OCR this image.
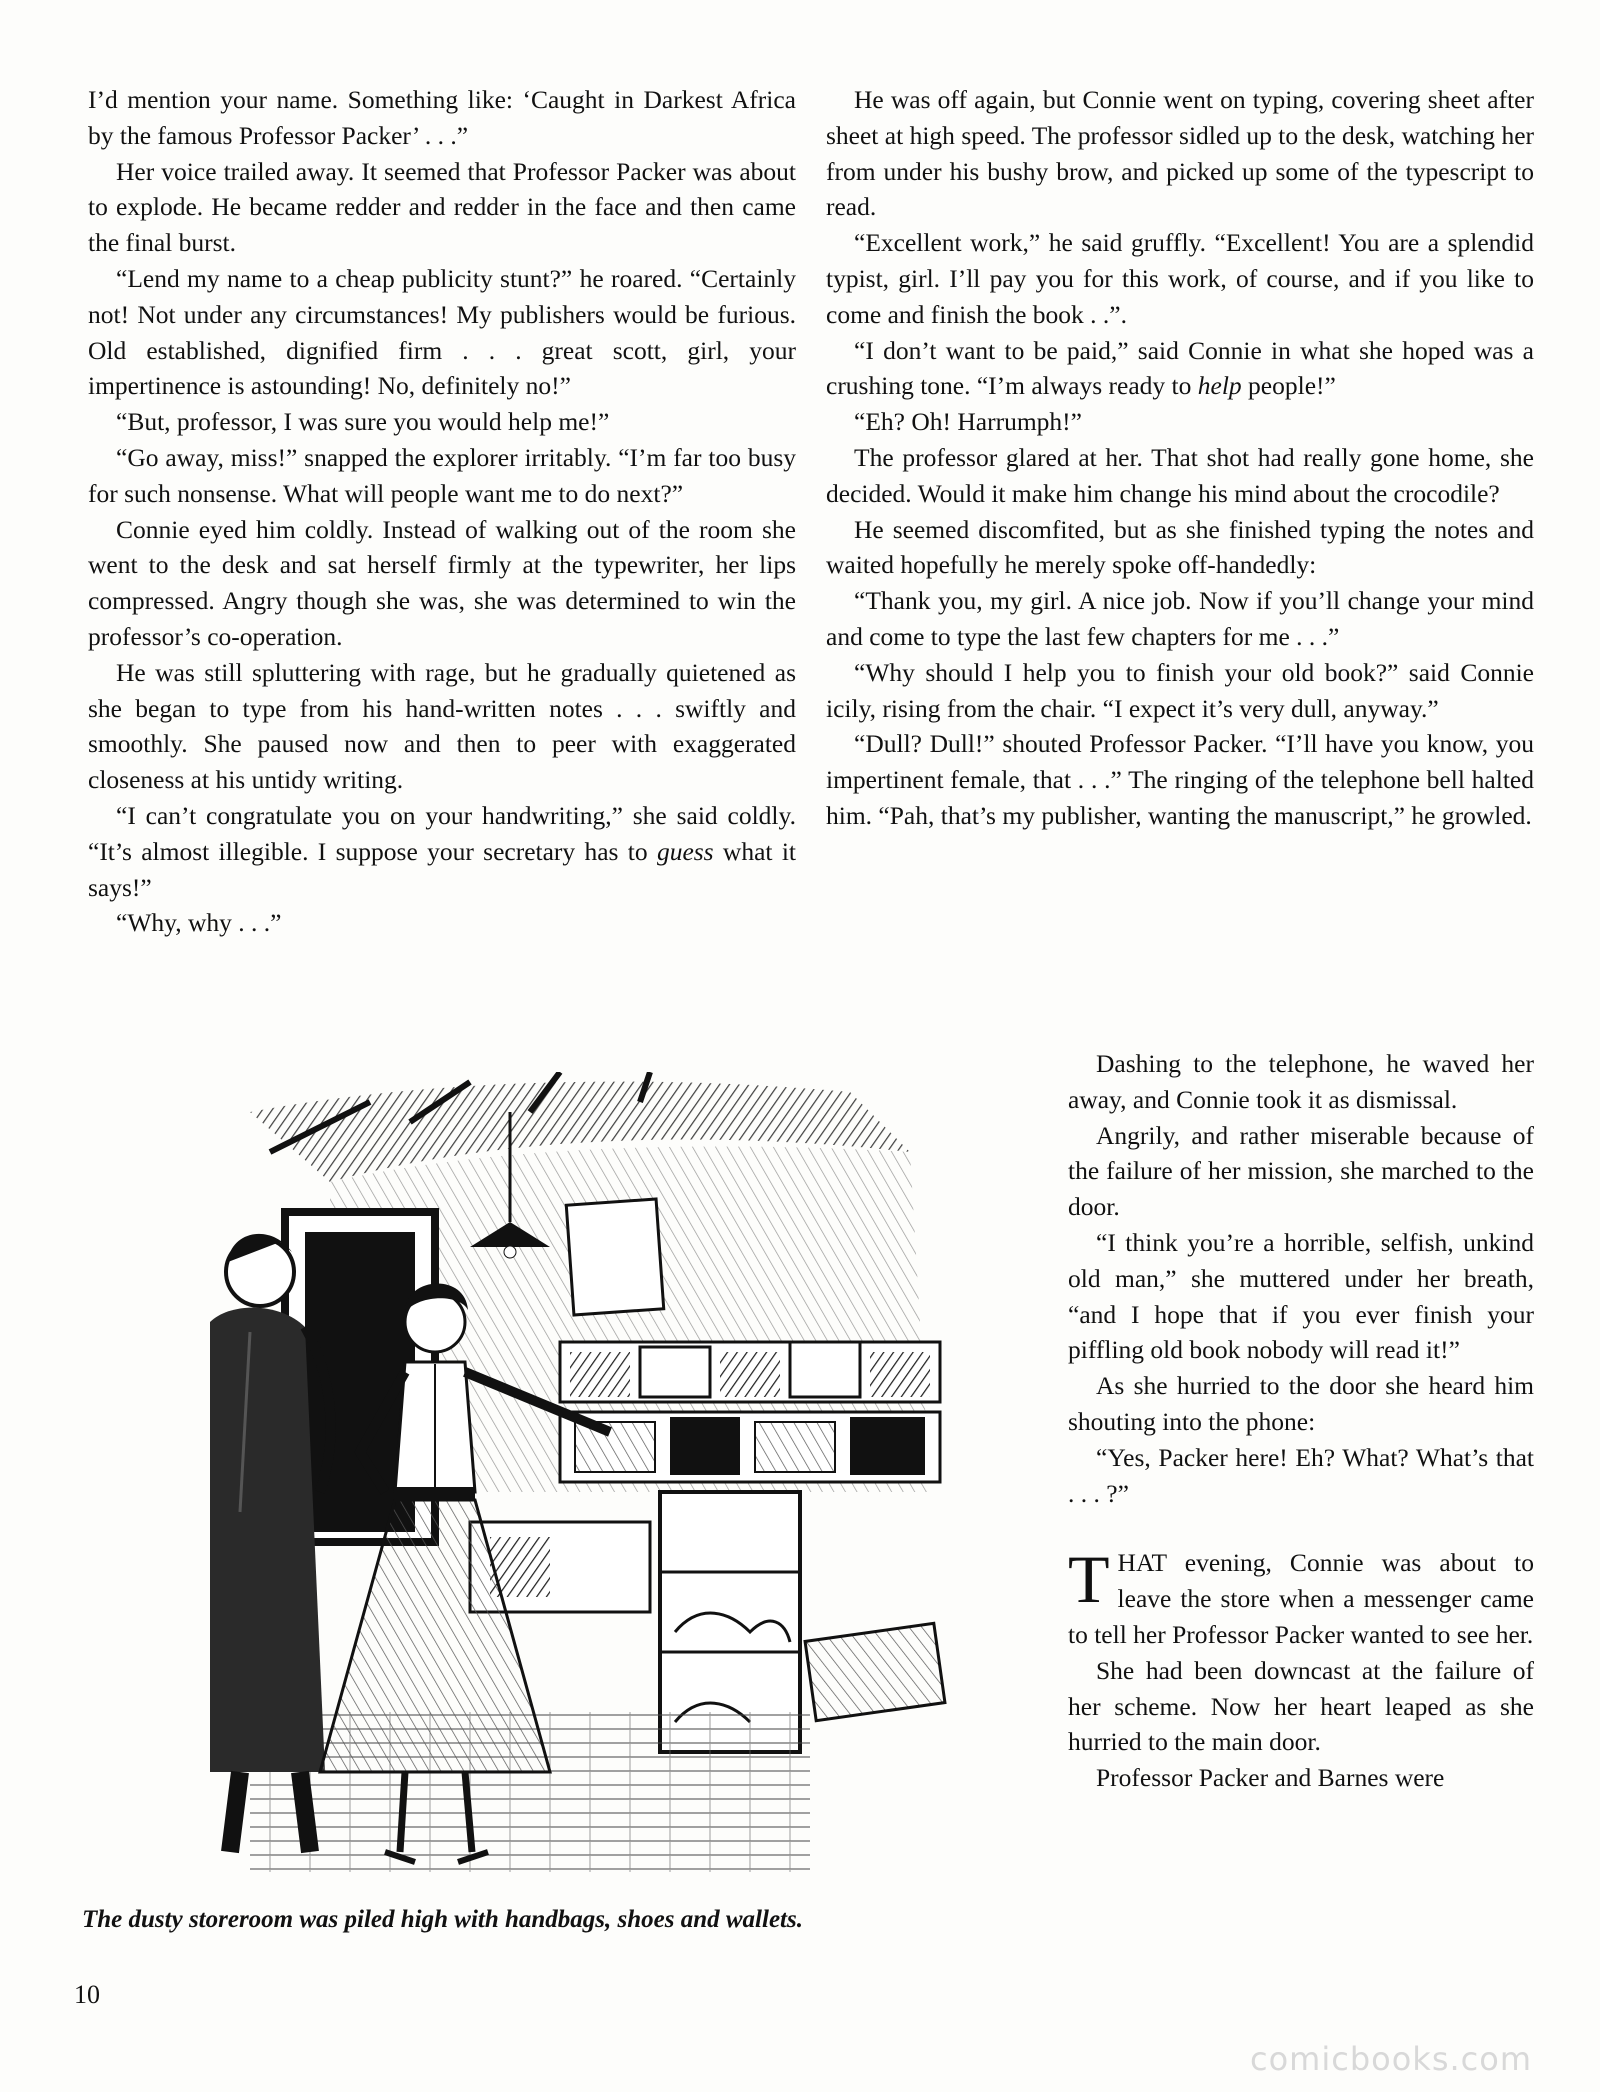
I’d mention your name. Something like: ‘Caught in Darkest Africa by the famous Professor Packer’ . . .”

Her voice trailed away. It seemed that Professor Packer was about to explode. He became redder and redder in the face and then came the final burst.

“Lend my name to a cheap publicity stunt?” he roared. “Certainly not! Not under any circumstances! My publishers would be furious. Old established, dignified firm . . . great scott, girl, your impertinence is astounding! No, definitely no!”

“But, professor, I was sure you would help me!”

“Go away, miss!” snapped the explorer irritably. “I’m far too busy for such nonsense. What will people want me to do next?”

Connie eyed him coldly. Instead of walking out of the room she went to the desk and sat herself firmly at the typewriter, her lips compressed. Angry though she was, she was determined to win the professor’s co-operation.

He was still spluttering with rage, but he gradually quietened as she began to type from his hand-written notes . . . swiftly and smoothly. She paused now and then to peer with exaggerated closeness at his untidy writing.

“I can’t congratulate you on your handwriting,” she said coldly. “It’s almost illegible. I suppose your secretary has to guess what it says!”

“Why, why . . .”

He was off again, but Connie went on typing, covering sheet after sheet at high speed. The professor sidled up to the desk, watching her from under his bushy brow, and picked up some of the typescript to read.

“Excellent work,” he said gruffly. “Excellent! You are a splendid typist, girl. I’ll pay you for this work, of course, and if you like to come and finish the book . .”.

“I don’t want to be paid,” said Connie in what she hoped was a crushing tone. “I’m always ready to help people!”

“Eh? Oh! Harrumph!”

The professor glared at her. That shot had really gone home, she decided. Would it make him change his mind about the crocodile?

He seemed discomfited, but as she finished typing the notes and waited hopefully he merely spoke off-handedly:

“Thank you, my girl. A nice job. Now if you’ll change your mind and come to type the last few chapters for me . . .”

“Why should I help you to finish your old book?” said Connie icily, rising from the chair. “I expect it’s very dull, anyway.”

“Dull? Dull!” shouted Professor Packer. “I’ll have you know, you impertinent female, that . . .” The ringing of the telephone bell halted him. “Pah, that’s my publisher, wanting the manuscript,” he growled.

Dashing to the telephone, he waved her away, and Connie took it as dismissal.

Angrily, and rather miserable because of the failure of her mission, she marched to the door.

“I think you’re a horrible, selfish, unkind old man,” she muttered under her breath, “and I hope that if you ever finish your piffling old book nobody will read it!”

As she hurried to the door she heard him shouting into the phone:

“Yes, Packer here! Eh? What? What’s that . . . ?”

THAT evening, Connie was about to leave the store when a messenger came to tell her Professor Packer wanted to see her.

She had been downcast at the failure of her scheme. Now her heart leaped as she hurried to the main door.

Professor Packer and Barnes were

The dusty storeroom was piled high with handbags, shoes and wallets.
10
comicbooks.com
